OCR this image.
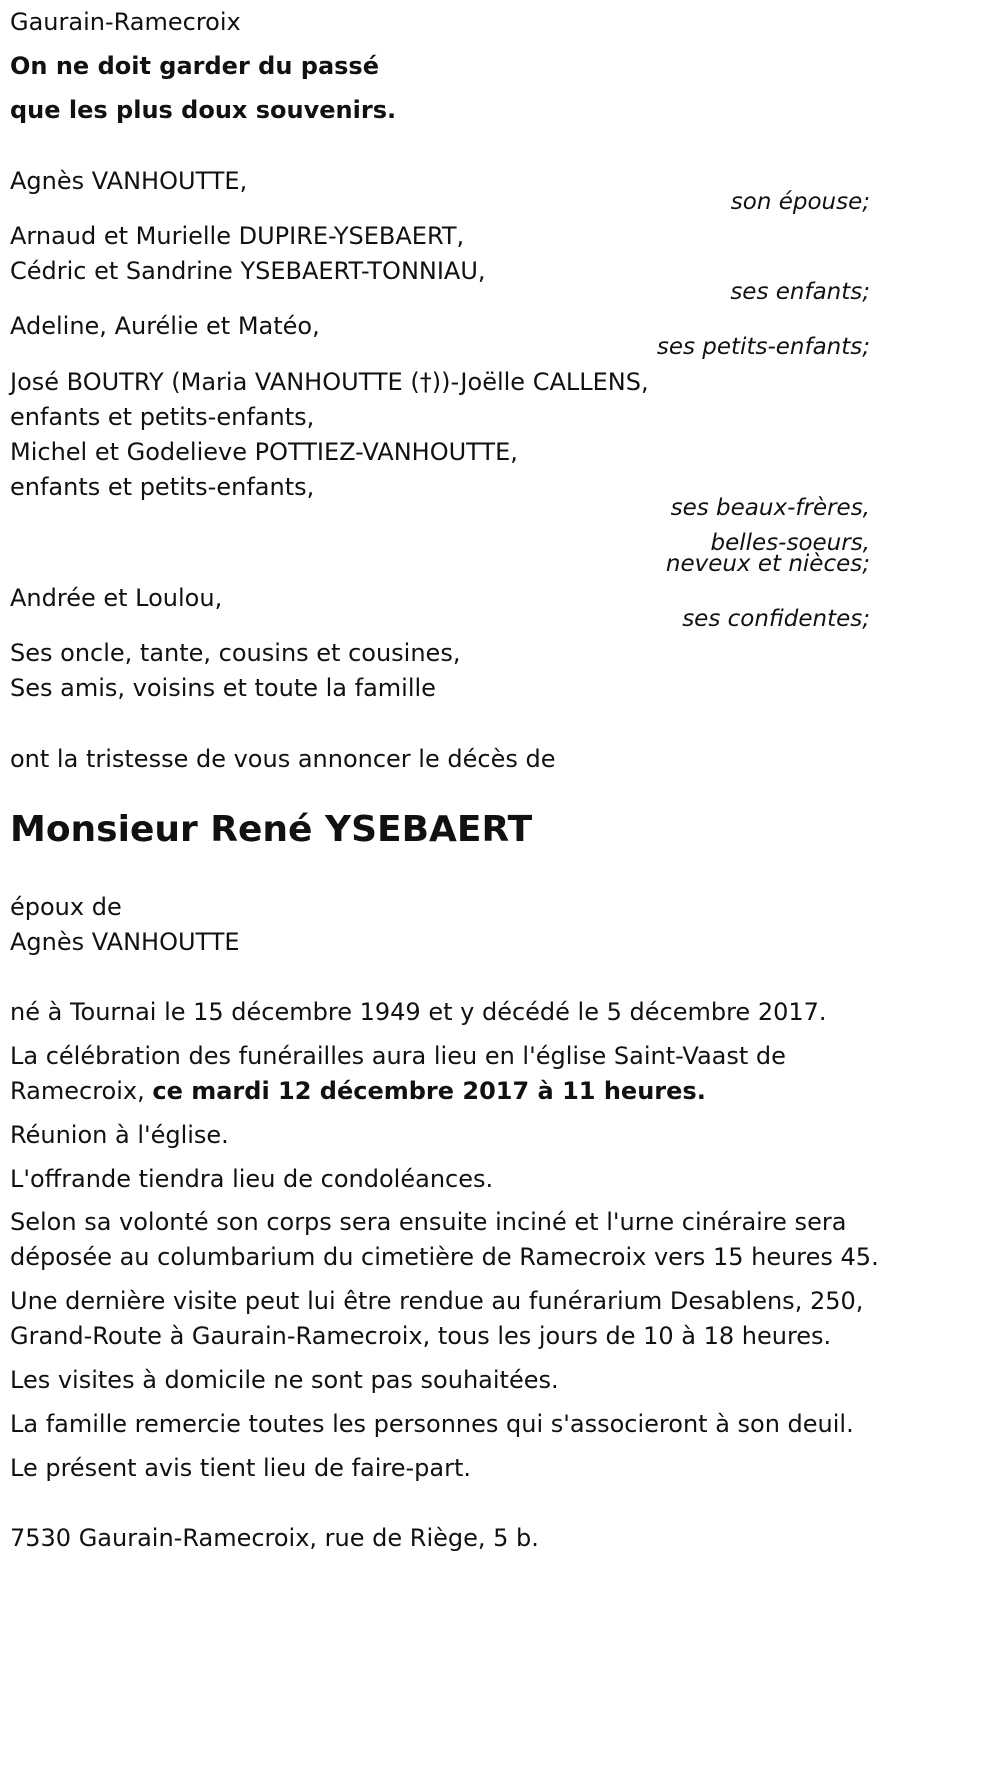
Gaurain-Ramecroix
On ne doit garder du passé
que les plus doux souvenirs.
Agnès VANHOUTTE,
son épouse;
Arnaud et Murielle DUPIRE-YSEBAERT,
Cédric et Sandrine YSEBAERT-TONNIAU,
ses enfants;
Adeline, Aurélie et Matéo,
ses petits-enfants;
José BOUTRY (Maria VANHOUTTE (†))-Joëlle CALLENS,
enfants et petits-enfants,
Michel et Godelieve POTTIEZ-VANHOUTTE,
enfants et petits-enfants,
ses beaux-frères,
belles-soeurs,
neveux et nièces;
Andrée et Loulou,
ses confidentes;
Ses oncle, tante, cousins et cousines,
Ses amis, voisins et toute la famille
ont la tristesse de vous annoncer le décès de
Monsieur René YSEBAERT
époux de
Agnès VANHOUTTE
né à Tournai le 15 décembre 1949 et y décédé le 5 décembre 2017.
La célébration des funérailles aura lieu en l'église Saint-Vaast de
Ramecroix, ce mardi 12 décembre 2017 à 11 heures.
Réunion à l'église.
L'offrande tiendra lieu de condoléances.
Selon sa volonté son corps sera ensuite inciné et l'urne cinéraire sera
déposée au columbarium du cimetière de Ramecroix vers 15 heures 45.
Une dernière visite peut lui être rendue au funérarium Desablens, 250,
Grand-Route à Gaurain-Ramecroix, tous les jours de 10 à 18 heures.
Les visites à domicile ne sont pas souhaitées.
La famille remercie toutes les personnes qui s'associeront à son deuil.
Le présent avis tient lieu de faire-part.
7530 Gaurain-Ramecroix, rue de Riège, 5 b.
